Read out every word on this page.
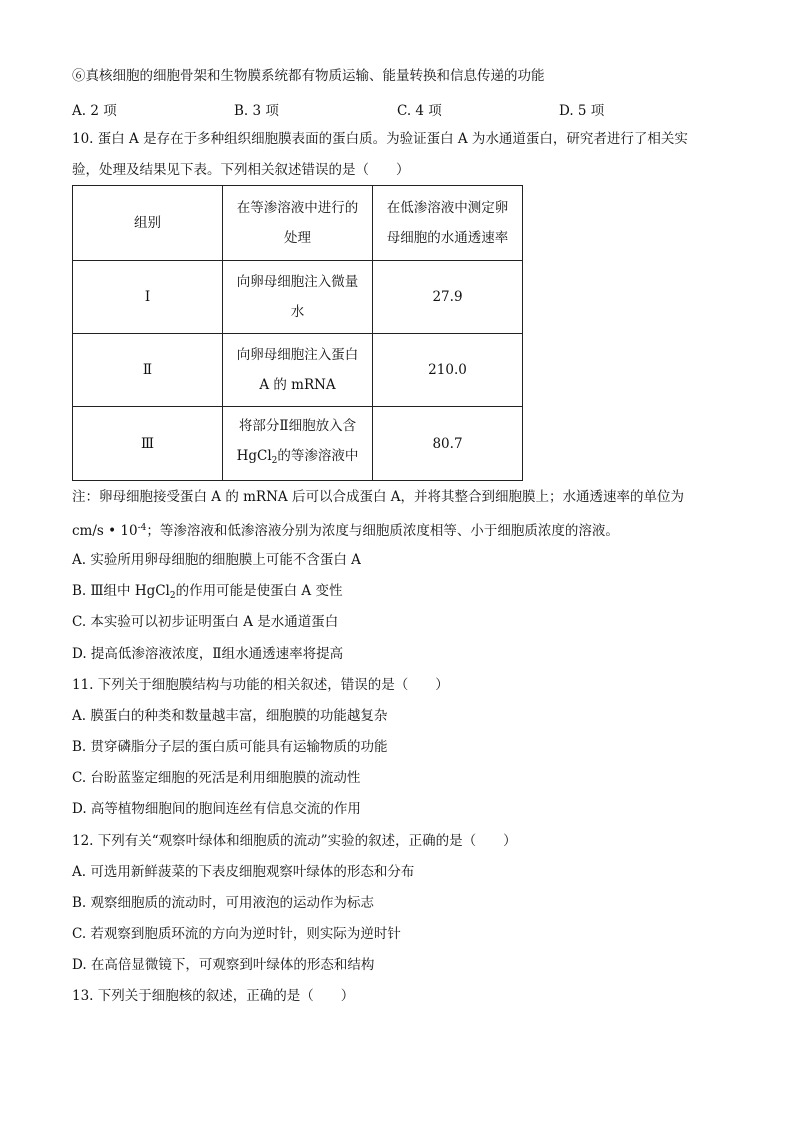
⑥真核细胞的细胞骨架和生物膜系统都有物质运输、能量转换和信息传递的功能
A. 2 项	B. 3 项	C. 4 项	D. 5 项
10. 蛋白 A 是存在于多种组织细胞膜表面的蛋白质。为验证蛋白 A 为水通道蛋白，研究者进行了相关实
验，处理及结果见下表。下列相关叙述错误的是（　　）
组别	在等渗溶液中进行的处理	在低渗溶液中测定卵母细胞的水通透速率
Ⅰ	向卵母细胞注入微量水	27.9
Ⅱ	向卵母细胞注入蛋白 A 的 mRNA	210.0
Ⅲ	将部分Ⅱ细胞放入含 HgCl$_2$的等渗溶液中	80.7
注：卵母细胞接受蛋白 A 的 mRNA 后可以合成蛋白 A，并将其整合到细胞膜上；水通透速率的单位为
cm/s • $10^{-4}$；等渗溶液和低渗溶液分别为浓度与细胞质浓度相等、小于细胞质浓度的溶液。
A. 实验所用卵母细胞的细胞膜上可能不含蛋白 A
B. Ⅲ组中 HgCl$_2$的作用可能是使蛋白 A 变性
C. 本实验可以初步证明蛋白 A 是水通道蛋白
D. 提高低渗溶液浓度，Ⅱ组水通透速率将提高
11. 下列关于细胞膜结构与功能的相关叙述，错误的是（　　）
A. 膜蛋白的种类和数量越丰富，细胞膜的功能越复杂
B. 贯穿磷脂分子层的蛋白质可能具有运输物质的功能
C. 台盼蓝鉴定细胞的死活是利用细胞膜的流动性
D. 高等植物细胞间的胞间连丝有信息交流的作用
12. 下列有关“观察叶绿体和细胞质的流动”实验的叙述，正确的是（　　）
A. 可选用新鲜菠菜的下表皮细胞观察叶绿体的形态和分布
B. 观察细胞质的流动时，可用液泡的运动作为标志
C. 若观察到胞质环流的方向为逆时针，则实际为逆时针
D. 在高倍显微镜下，可观察到叶绿体的形态和结构
13. 下列关于细胞核的叙述，正确的是（　　）
